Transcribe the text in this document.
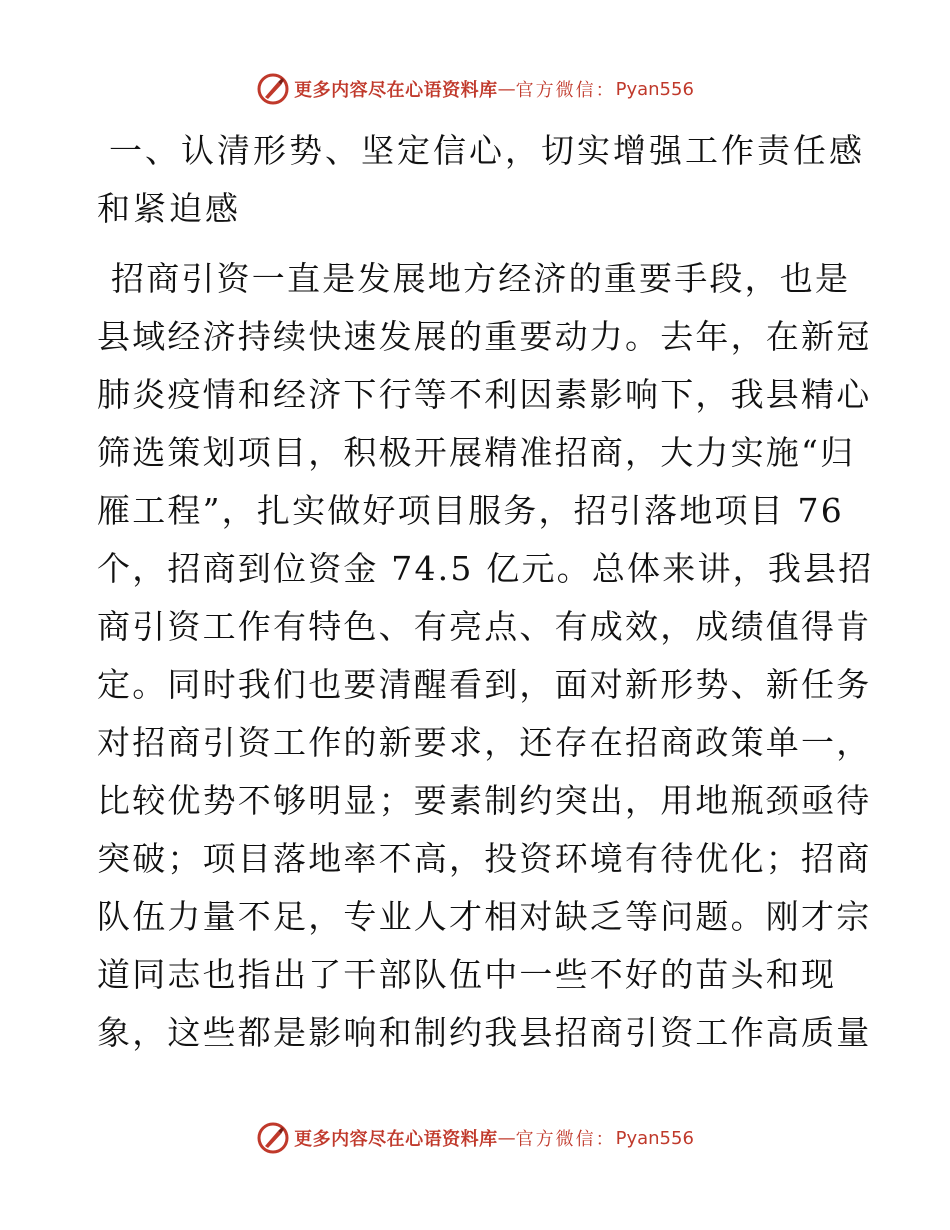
更多内容尽在心语资料库 — 官方微信： Pyan556
一、认清形势、坚定信心，切实增强工作责任感
和紧迫感
招商引资一直是发展地方经济的重要手段，也是
县域经济持续快速发展的重要动力。去年，在新冠
肺炎疫情和经济下行等不利因素影响下，我县精心
筛选策划项目，积极开展精准招商，大力实施“归
雁工程”，扎实做好项目服务，招引落地项目 76
个，招商到位资金 74.5 亿元。总体来讲，我县招
商引资工作有特色、有亮点、有成效，成绩值得肯
定。同时我们也要清醒看到，面对新形势、新任务
对招商引资工作的新要求，还存在招商政策单一，
比较优势不够明显；要素制约突出，用地瓶颈亟待
突破；项目落地率不高，投资环境有待优化；招商
队伍力量不足，专业人才相对缺乏等问题。刚才宗
道同志也指出了干部队伍中一些不好的苗头和现
象，这些都是影响和制约我县招商引资工作高质量
更多内容尽在心语资料库 — 官方微信： Pyan556
